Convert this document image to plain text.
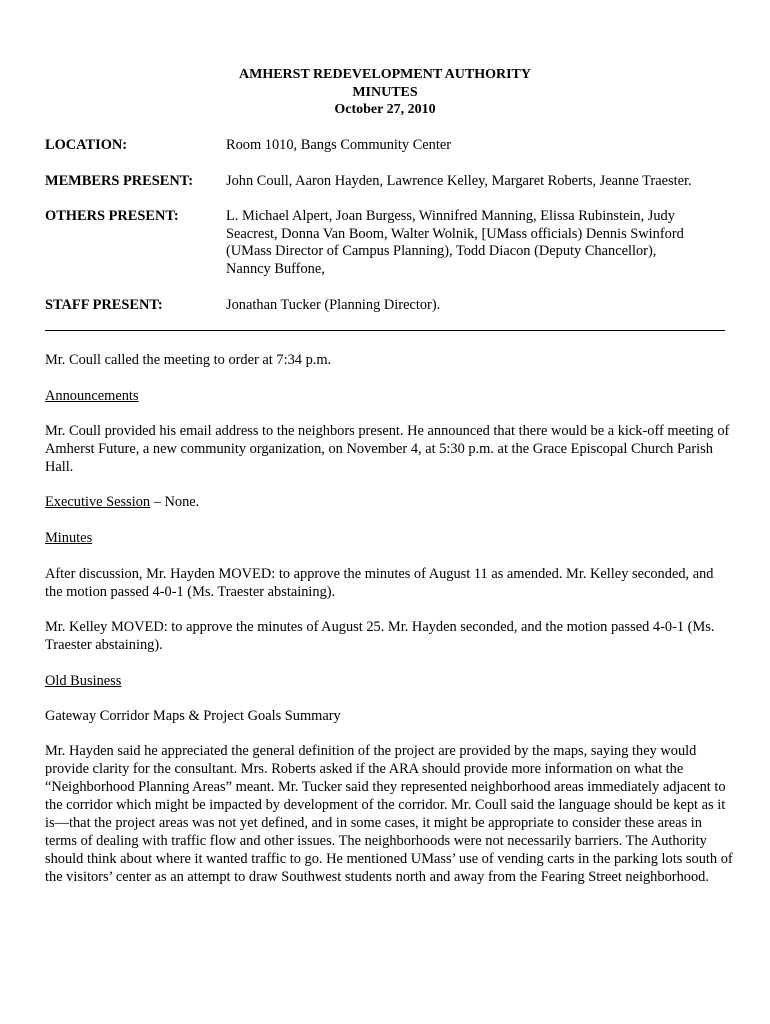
AMHERST REDEVELOPMENT AUTHORITY
MINUTES
October 27, 2010
LOCATION:	Room 1010, Bangs Community Center
MEMBERS PRESENT: John Coull, Aaron Hayden, Lawrence Kelley, Margaret Roberts, Jeanne Traester.
OTHERS PRESENT:	L. Michael Alpert, Joan Burgess, Winnifred Manning, Elissa Rubinstein, Judy Seacrest, Donna Van Boom, Walter Wolnik, [UMass officials) Dennis Swinford (UMass Director of Campus Planning), Todd Diacon (Deputy Chancellor), Nanncy Buffone,
STAFF PRESENT:	Jonathan Tucker (Planning Director).
Mr. Coull called the meeting to order at 7:34 p.m.
Announcements
Mr. Coull provided his email address to the neighbors present. He announced that there would be a kick-off meeting of Amherst Future, a new community organization, on November 4, at 5:30 p.m. at the Grace Episcopal Church Parish Hall.
Executive Session – None.
Minutes
After discussion, Mr. Hayden MOVED: to approve the minutes of August 11 as amended. Mr. Kelley seconded, and the motion passed 4-0-1 (Ms. Traester abstaining).
Mr. Kelley MOVED: to approve the minutes of August 25. Mr. Hayden seconded, and the motion passed 4-0-1 (Ms. Traester abstaining).
Old Business
Gateway Corridor Maps & Project Goals Summary
Mr. Hayden said he appreciated the general definition of the project are provided by the maps, saying they would provide clarity for the consultant. Mrs. Roberts asked if the ARA should provide more information on what the “Neighborhood Planning Areas” meant. Mr. Tucker said they represented neighborhood areas immediately adjacent to the corridor which might be impacted by development of the corridor. Mr. Coull said the language should be kept as it is—that the project areas was not yet defined, and in some cases, it might be appropriate to consider these areas in terms of dealing with traffic flow and other issues. The neighborhoods were not necessarily barriers. The Authority should think about where it wanted traffic to go. He mentioned UMass’ use of vending carts in the parking lots south of the visitors’ center as an attempt to draw Southwest students north and away from the Fearing Street neighborhood.
